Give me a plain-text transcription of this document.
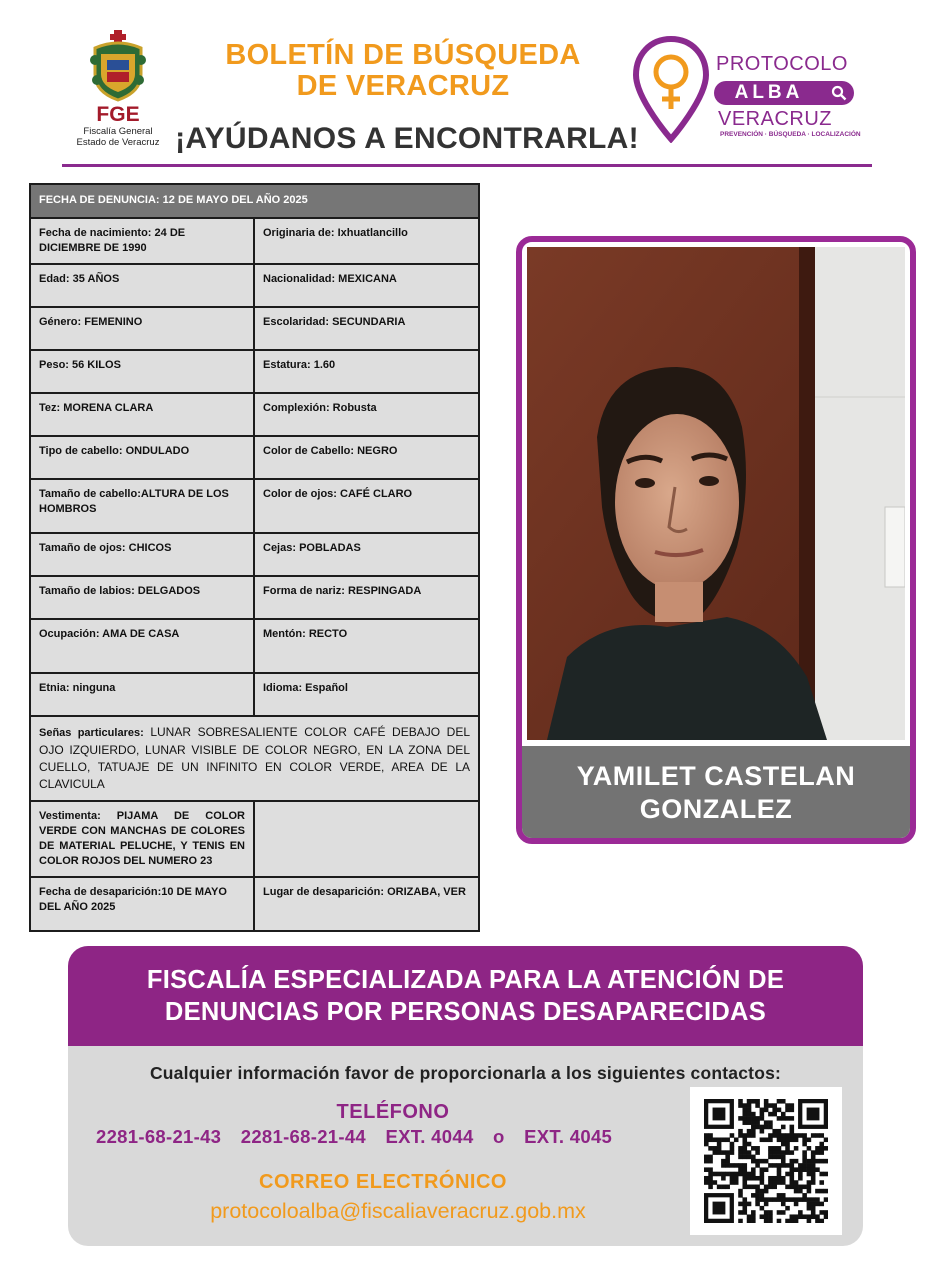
FGE
Fiscalía General
Estado de Veracruz
BOLETÍN DE BÚSQUEDA
DE VERACRUZ
¡AYÚDANOS A ENCONTRARLA!
PROTOCOLO
ALBA
VERACRUZ
PREVENCIÓN · BÚSQUEDA · LOCALIZACIÓN
FECHA DE DENUNCIA: 12 DE MAYO DEL AÑO 2025	
Fecha de nacimiento: 24 DE DICIEMBRE DE 1990	Originaria de: Ixhuatlancillo
Edad: 35 AÑOS	Nacionalidad: MEXICANA
Género: FEMENINO	Escolaridad: SECUNDARIA
Peso: 56 KILOS	Estatura: 1.60
Tez: MORENA CLARA	Complexión: Robusta
Tipo de cabello: ONDULADO	Color de Cabello: NEGRO
Tamaño de cabello:ALTURA DE LOS HOMBROS	Color de ojos: CAFÉ CLARO
Tamaño de ojos: CHICOS	Cejas: POBLADAS
Tamaño de labios: DELGADOS	Forma de nariz: RESPINGADA
Ocupación: AMA DE CASA	Mentón: RECTO
Etnia: ninguna	Idioma: Español
Señas particulares: LUNAR SOBRESALIENTE COLOR CAFÉ DEBAJO DEL OJO IZQUIERDO, LUNAR VISIBLE DE COLOR NEGRO, EN LA ZONA DEL CUELLO, TATUAJE DE UN INFINITO EN COLOR VERDE, AREA DE LA CLAVICULA	
Vestimenta: PIJAMA DE COLOR VERDE CON MANCHAS DE COLORES DE MATERIAL PELUCHE, Y TENIS EN COLOR ROJOS DEL NUMERO 23	
Fecha de desaparición:10 DE MAYO DEL AÑO 2025	Lugar de desaparición: ORIZABA, VER
YAMILET CASTELAN
GONZALEZ
FISCALÍA ESPECIALIZADA PARA LA ATENCIÓN DE
DENUNCIAS POR PERSONAS DESAPARECIDAS
Cualquier información favor de proporcionarla a los siguientes contactos:
TELÉFONO
2281-68-21-43 2281-68-21-44 EXT. 4044 o EXT. 4045
CORREO ELECTRÓNICO
protocoloalba@fiscaliaveracruz.gob.mx
